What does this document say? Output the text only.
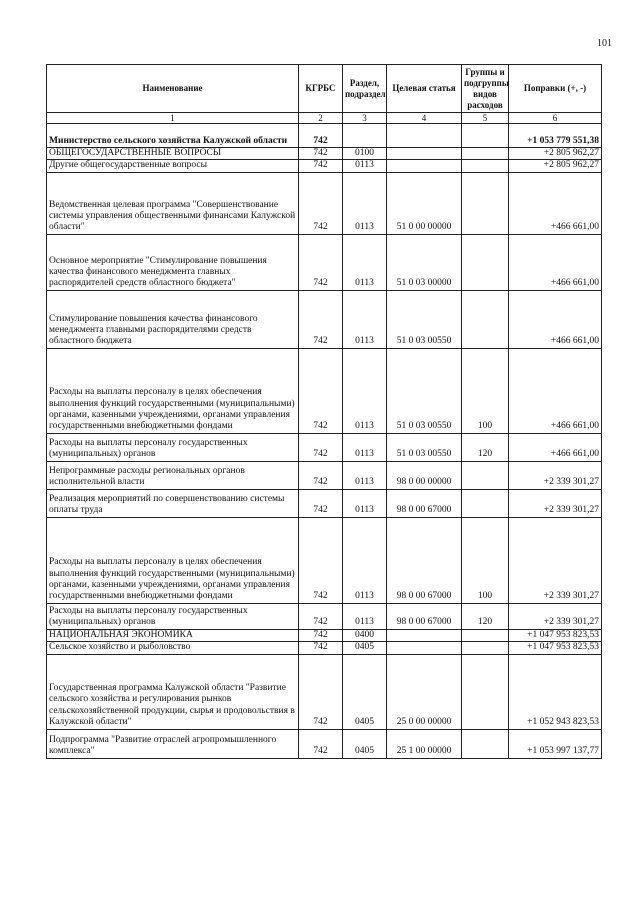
101
Наименование	КГРБС	Раздел, подраздел	Целевая статья	Группы и подгруппы видов расходов	Поправки (+, -)
1	2	3	4	5	6
Министерство сельского хозяйства Калужской области	742				+1 053 779 551,38
ОБЩЕГОСУДАРСТВЕННЫЕ ВОПРОСЫ	742	0100			+2 805 962,27
Другие общегосударственные вопросы	742	0113			+2 805 962,27
Ведомственная целевая программа "Совершенствование системы управления общественными финансами Калужской области"	742	0113	51 0 00 00000		+466 661,00
Основное мероприятие "Стимулирование повышения качества финансового менеджмента главных распорядителей средств областного бюджета"	742	0113	51 0 03 00000		+466 661,00
Стимулирование повышения качества финансового менеджмента главными распорядителями средств областного бюджета	742	0113	51 0 03 00550		+466 661,00
Расходы на выплаты персоналу в целях обеспечения выполнения функций государственными (муниципальными) органами, казенными учреждениями, органами управления государственными внебюджетными фондами	742	0113	51 0 03 00550	100	+466 661,00
Расходы на выплаты персоналу государственных (муниципальных) органов	742	0113	51 0 03 00550	120	+466 661,00
Непрограммные расходы региональных органов исполнительной власти	742	0113	98 0 00 00000		+2 339 301,27
Реализация мероприятий по совершенствованию системы оплаты труда	742	0113	98 0 00 67000		+2 339 301,27
Расходы на выплаты персоналу в целях обеспечения выполнения функций государственными (муниципальными) органами, казенными учреждениями, органами управления государственными внебюджетными фондами	742	0113	98 0 00 67000	100	+2 339 301,27
Расходы на выплаты персоналу государственных (муниципальных) органов	742	0113	98 0 00 67000	120	+2 339 301,27
НАЦИОНАЛЬНАЯ ЭКОНОМИКА	742	0400			+1 047 953 823,53
Сельское хозяйство и рыболовство	742	0405			+1 047 953 823,53
Государственная программа Калужской области "Развитие сельского хозяйства и регулирования рынков сельскохозяйственной продукции, сырья и продовольствия в Калужской области"	742	0405	25 0 00 00000		+1 052 943 823,53
Подпрограмма "Развитие отраслей агропромышленного комплекса"	742	0405	25 1 00 00000		+1 053 997 137,77
